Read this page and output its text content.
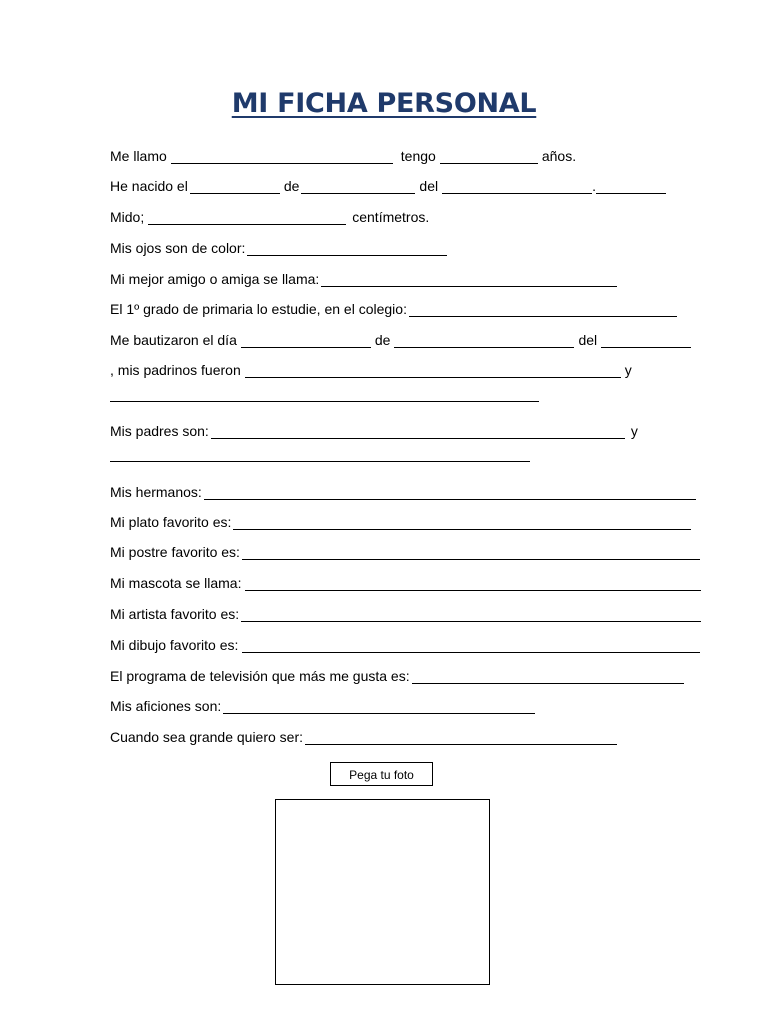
MI FICHA PERSONAL
Me llamo	tengo	años.
He nacido el	de	del	.
Mido;	centímetros.
Mis ojos son de color:
Mi mejor amigo o amiga se llama:
El 1º grado de primaria lo estudie, en el colegio:
Me bautizaron el día	de	del
, mis padrinos fueron	y
Mis padres son:	y
Mis hermanos:
Mi plato favorito es:
Mi postre favorito es:
Mi mascota se llama:
Mi artista favorito es:
Mi dibujo favorito es:
El programa de televisión que más me gusta es:
Mis aficiones son:
Cuando sea grande quiero ser:
Pega tu foto
